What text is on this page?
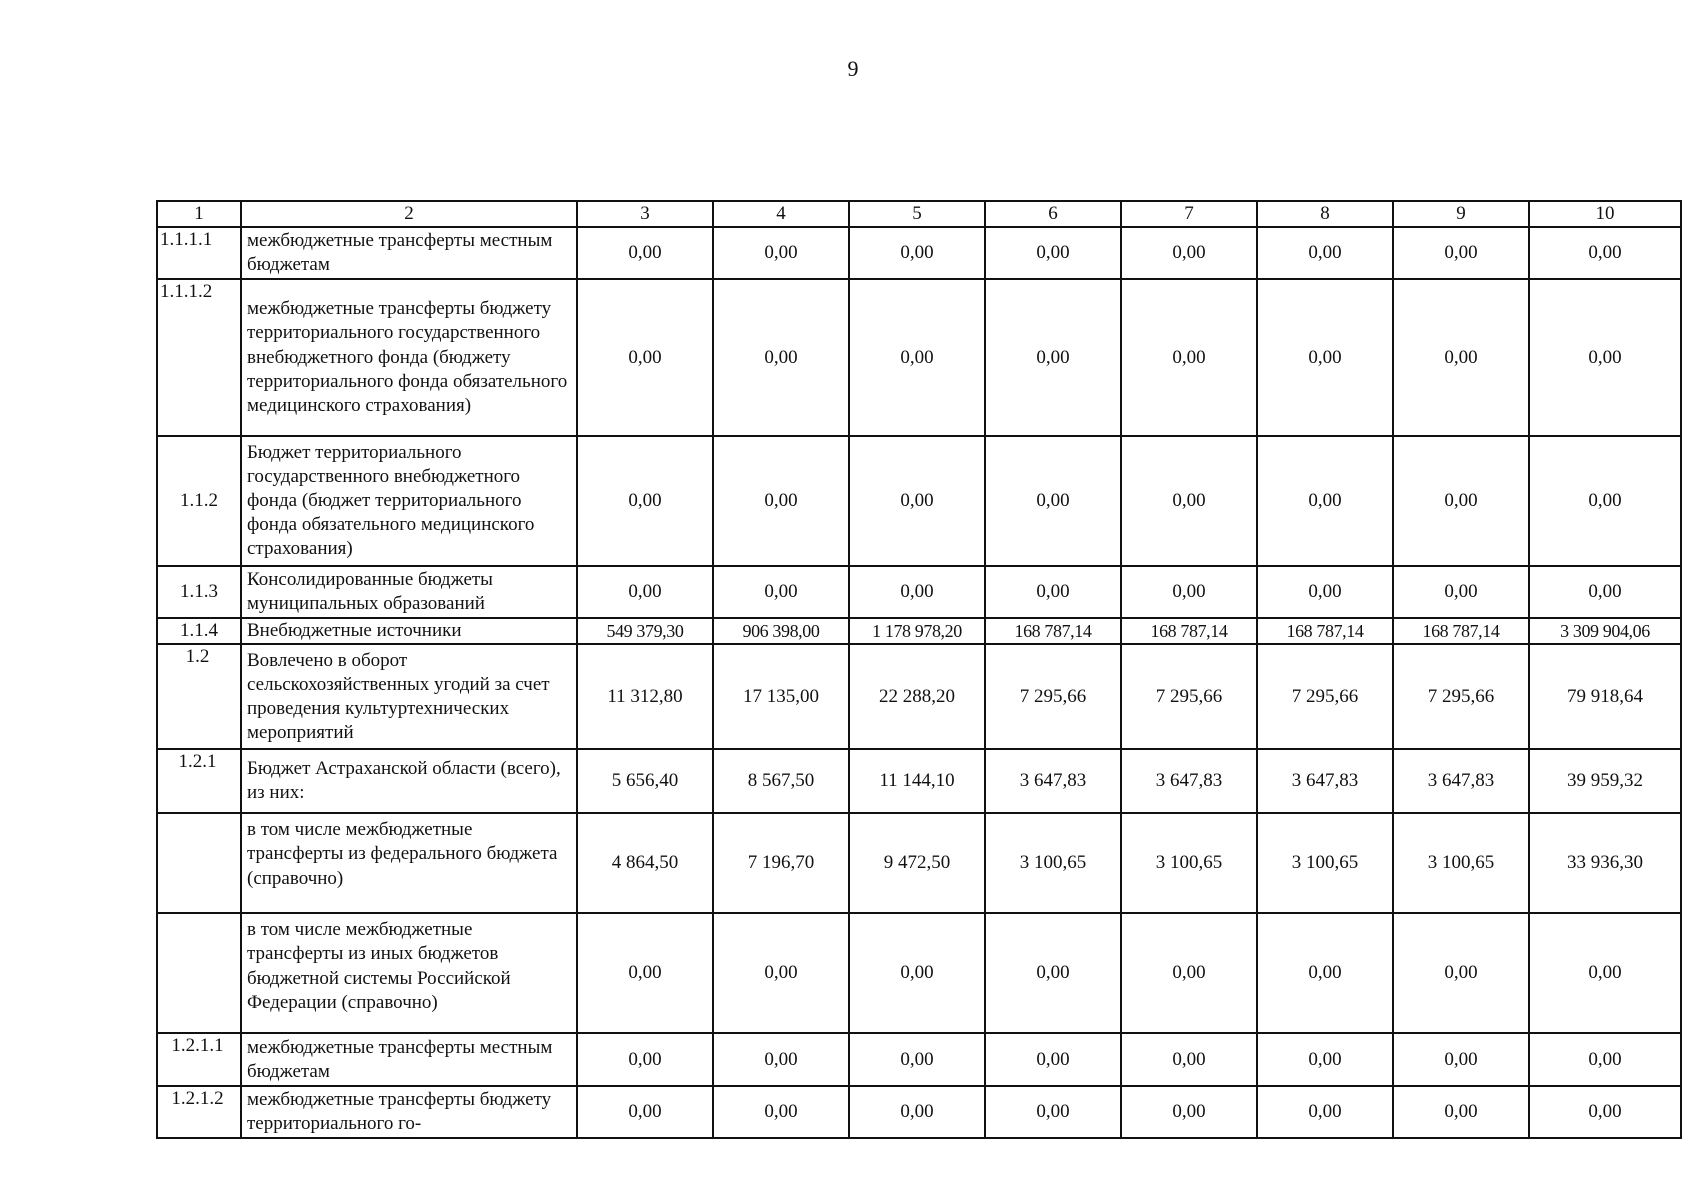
9
1	2	3	4	5	6	7	8	9	10
1.1.1.1	межбюджетные трансферты местным бюджетам	0,00	0,00	0,00	0,00	0,00	0,00	0,00	0,00
1.1.1.2	межбюджетные трансферты бюджету территориального государственного внебюджетного фонда (бюджету территориального фонда обязательного медицинского страхования)	0,00	0,00	0,00	0,00	0,00	0,00	0,00	0,00
1.1.2	Бюджет территориального государственного внебюджетного фонда (бюджет территориального фонда обязательного медицинского страхования)	0,00	0,00	0,00	0,00	0,00	0,00	0,00	0,00
1.1.3	Консолидированные бюджеты муниципальных образований	0,00	0,00	0,00	0,00	0,00	0,00	0,00	0,00
1.1.4	Внебюджетные источники	549 379,30	906 398,00	1 178 978,20	168 787,14	168 787,14	168 787,14	168 787,14	3 309 904,06
1.2	Вовлечено в оборот сельскохозяйственных угодий за счет проведения культуртехнических мероприятий	11 312,80	17 135,00	22 288,20	7 295,66	7 295,66	7 295,66	7 295,66	79 918,64
1.2.1	Бюджет Астраханской области (всего), из них:	5 656,40	8 567,50	11 144,10	3 647,83	3 647,83	3 647,83	3 647,83	39 959,32
	в том числе межбюджетные трансферты из федерального бюджета (справочно)	4 864,50	7 196,70	9 472,50	3 100,65	3 100,65	3 100,65	3 100,65	33 936,30
	в том числе межбюджетные трансферты из иных бюджетов бюджетной системы Российской Федерации (справочно)	0,00	0,00	0,00	0,00	0,00	0,00	0,00	0,00
1.2.1.1	межбюджетные трансферты местным бюджетам	0,00	0,00	0,00	0,00	0,00	0,00	0,00	0,00
1.2.1.2	межбюджетные трансферты бюджету территориального го-	0,00	0,00	0,00	0,00	0,00	0,00	0,00	0,00
